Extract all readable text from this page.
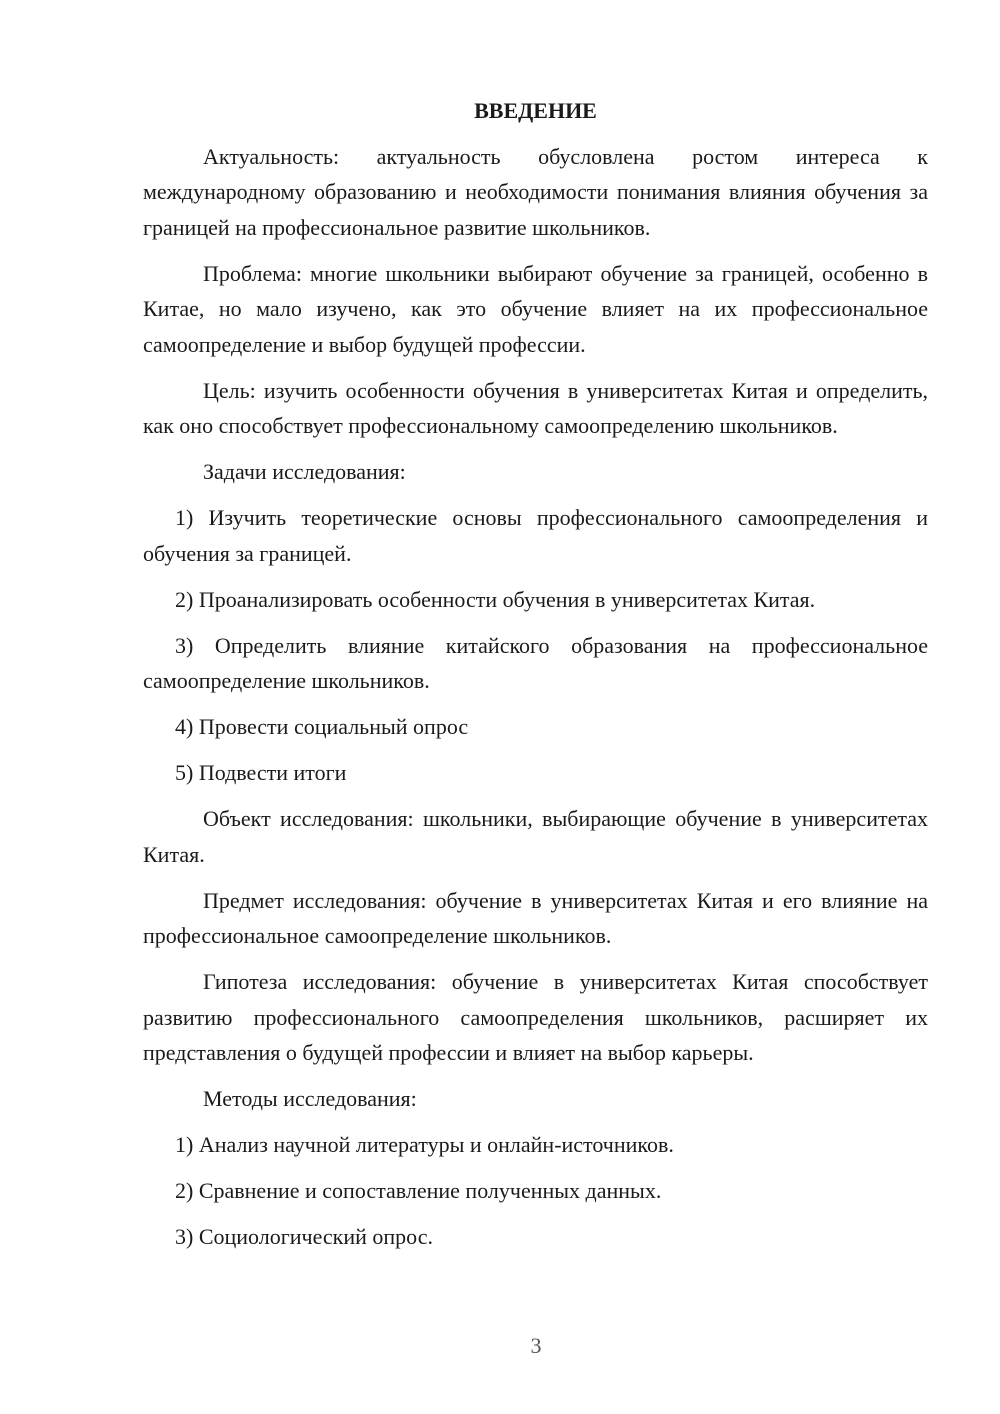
ВВЕДЕНИЕ

Актуальность: актуальность обусловлена ростом интереса к международному образованию и необходимости понимания влияния обучения за границей на профессиональное развитие школьников.

Проблема: многие школьники выбирают обучение за границей, особенно в Китае, но мало изучено, как это обучение влияет на их профессиональное самоопределение и выбор будущей профессии.

Цель: изучить особенности обучения в университетах Китая и определить, как оно способствует профессиональному самоопределению школьников.

Задачи исследования:

1) Изучить теоретические основы профессионального самоопределения и обучения за границей.

2) Проанализировать особенности обучения в университетах Китая.

3) Определить влияние китайского образования на профессиональное самоопределение школьников.

4) Провести социальный опрос

5) Подвести итоги

Объект исследования: школьники, выбирающие обучение в университетах Китая.

Предмет исследования: обучение в университетах Китая и его влияние на профессиональное самоопределение школьников.

Гипотеза исследования: обучение в университетах Китая способствует развитию профессионального самоопределения школьников, расширяет их представления о будущей профессии и влияет на выбор карьеры.

Методы исследования:

1) Анализ научной литературы и онлайн-источников.

2) Сравнение и сопоставление полученных данных.

3) Социологический опрос.

3
